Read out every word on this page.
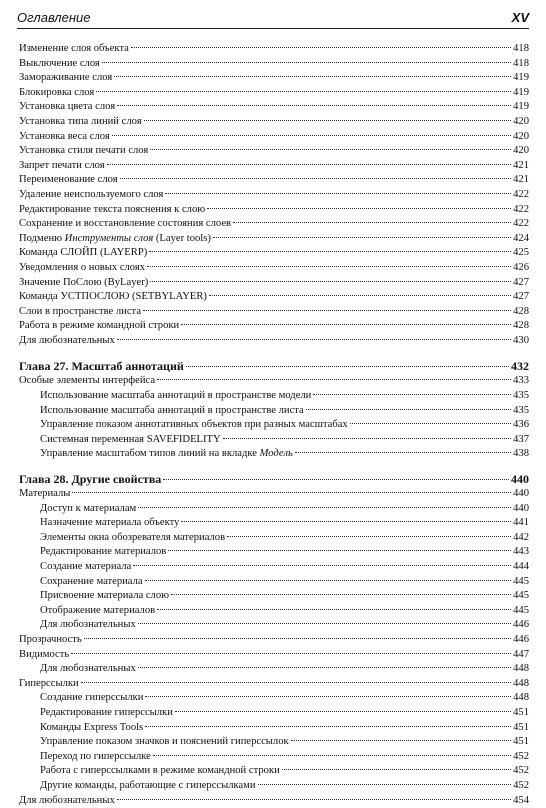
Оглавление	XV
Изменение слоя объекта	418
Выключение слоя	418
Замораживание слоя	419
Блокировка слоя	419
Установка цвета слоя	419
Установка типа линий слоя	420
Установка веса слоя	420
Установка стиля печати слоя	420
Запрет печати слоя	421
Переименование слоя	421
Удаление неиспользуемого слоя	422
Редактирование текста пояснения к слою	422
Сохранение и восстановление состояния слоев	422
Подменю Инструменты слоя (Layer tools)	424
Команда СЛОЙП (LAYERP)	425
Уведомления о новых слоях	426
Значение ПоСлою (ByLayer)	427
Команда УСТПОСЛОЮ (SETBYLAYER)	427
Слои в пространстве листа	428
Работа в режиме командной строки	428
Для любознательных	430
Глава 27. Масштаб аннотаций	432
Особые элементы интерфейса	433
Использование масштаба аннотаций в пространстве модели	435
Использование масштаба аннотаций в пространстве листа	435
Управление показом аннотативных объектов при разных масштабах	436
Системная переменная SAVEFIDELITY	437
Управление масштабом типов линий на вкладке Модель	438
Глава 28. Другие свойства	440
Материалы	440
Доступ к материалам	440
Назначение материала объекту	441
Элементы окна обозревателя материалов	442
Редактирование материалов	443
Создание материала	444
Сохранение материала	445
Присвоение материала слою	445
Отображение материалов	445
Для любознательных	446
Прозрачность	446
Видимость	447
Для любознательных	448
Гиперссылки	448
Создание гиперссылки	448
Редактирование гиперссылки	451
Команды Express Tools	451
Управление показом значков и пояснений гиперссылок	451
Переход по гиперссылке	452
Работа с гиперссылками в режиме командной строки	452
Другие команды, работающие с гиперссылками	452
Для любознательных	454
